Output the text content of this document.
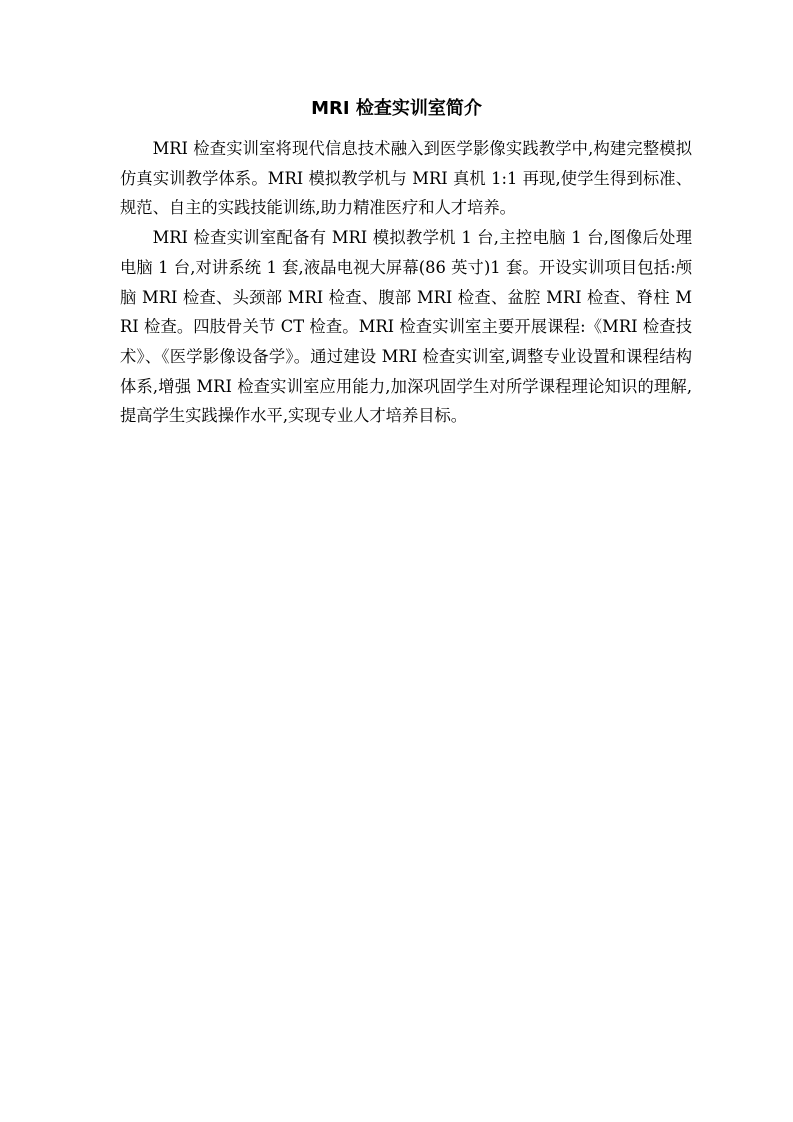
MRI 检查实训室简介

MRI 检查实训室将现代信息技术融入到医学影像实践教学中,构建完整模拟仿真实训教学体系。MRI 模拟教学机与 MRI 真机 1:1 再现,使学生得到标准、规范、自主的实践技能训练,助力精准医疗和人才培养。

MRI 检查实训室配备有 MRI 模拟教学机 1 台,主控电脑 1 台,图像后处理电脑 1 台,对讲系统 1 套,液晶电视大屏幕(86 英寸)1 套。开设实训项目包括:颅脑 MRI 检查、头颈部 MRI 检查、腹部 MRI 检查、盆腔 MRI 检查、脊柱 MRI 检查。四肢骨关节 CT 检查。MRI 检查实训室主要开展课程:《MRI 检查技术》、《医学影像设备学》。通过建设 MRI 检查实训室,调整专业设置和课程结构体系,增强 MRI 检查实训室应用能力,加深巩固学生对所学课程理论知识的理解,提高学生实践操作水平,实现专业人才培养目标。
